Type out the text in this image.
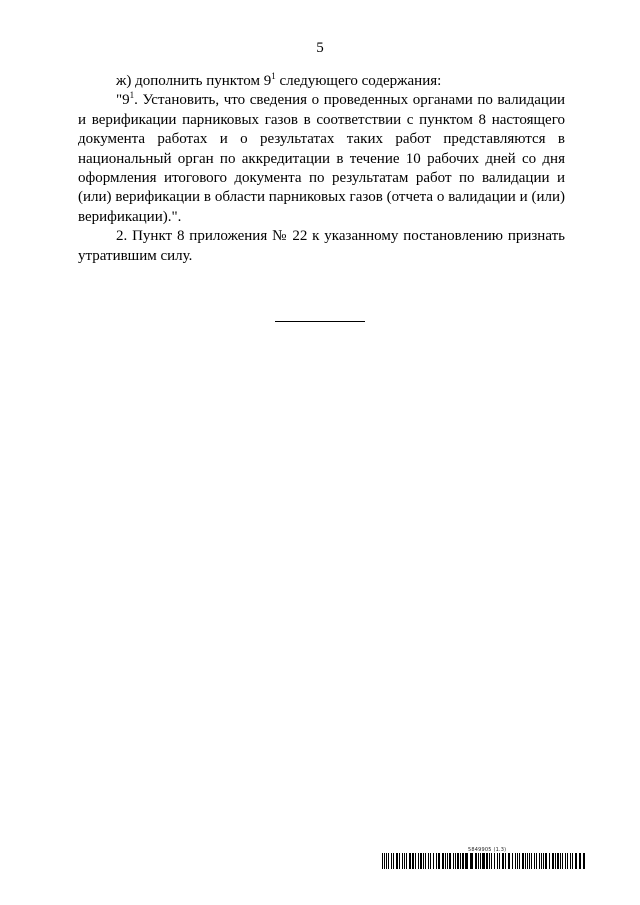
5

ж) дополнить пунктом $9^1$ следующего содержания:

"$9^1$. Установить, что сведения о проведенных органами по валидации и верификации парниковых газов в соответствии с пунктом 8 настоящего документа работах и о результатах таких работ представляются в национальный орган по аккредитации в течение 10 рабочих дней со дня оформления итогового документа по результатам работ по валидации и (или) верификации в области парниковых газов (отчета о валидации и (или) верификации).".

2. Пункт 8 приложения № 22 к указанному постановлению признать утратившим силу.

5849905 (1.3)
